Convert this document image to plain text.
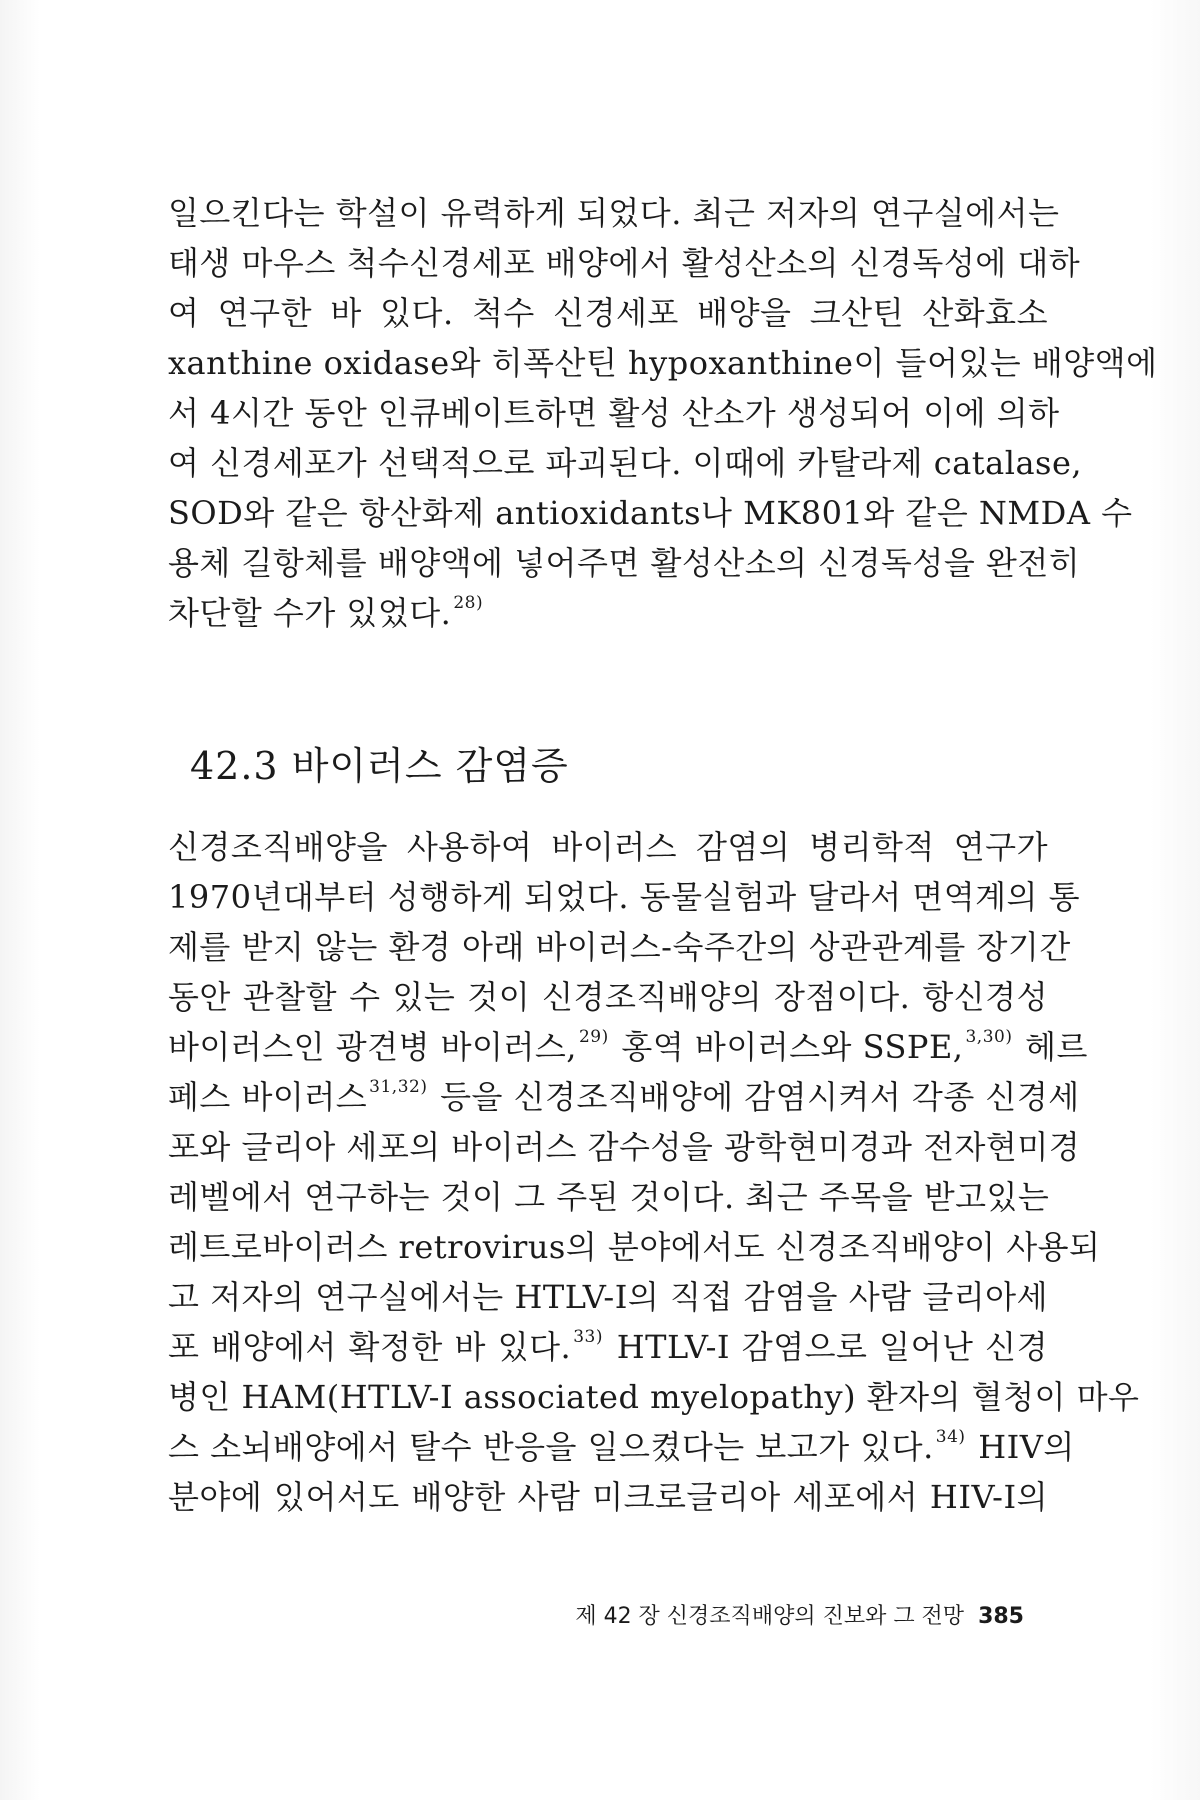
일으킨다는 학설이 유력하게 되었다. 최근 저자의 연구실에서는
태생 마우스 척수신경세포 배양에서 활성산소의 신경독성에 대하
여 연구한 바 있다. 척수 신경세포 배양을 크산틴 산화효소
xanthine oxidase와 히폭산틴 hypoxanthine이 들어있는 배양액에
서 4시간 동안 인큐베이트하면 활성 산소가 생성되어 이에 의하
여 신경세포가 선택적으로 파괴된다. 이때에 카탈라제 catalase,
SOD와 같은 항산화제 antioxidants나 MK801와 같은 NMDA 수
용체 길항체를 배양액에 넣어주면 활성산소의 신경독성을 완전히
차단할 수가 있었다. $^{28)}$
42.3 바이러스 감염증
신경조직배양을 사용하여 바이러스 감염의 병리학적 연구가
1970년대부터 성행하게 되었다. 동물실험과 달라서 면역계의 통
제를 받지 않는 환경 아래 바이러스-숙주간의 상관관계를 장기간
동안 관찰할 수 있는 것이 신경조직배양의 장점이다. 항신경성
바이러스인 광견병 바이러스, $^{29)}$ 홍역 바이러스와 SSPE, $^{3,30)}$ 헤르
페스 바이러스 $^{31,32)}$ 등을 신경조직배양에 감염시켜서 각종 신경세
포와 글리아 세포의 바이러스 감수성을 광학현미경과 전자현미경
레벨에서 연구하는 것이 그 주된 것이다. 최근 주목을 받고있는
레트로바이러스 retrovirus의 분야에서도 신경조직배양이 사용되
고 저자의 연구실에서는 HTLV-I의 직접 감염을 사람 글리아세
포 배양에서 확정한 바 있다. $^{33)}$ HTLV-I 감염으로 일어난 신경
병인 HAM(HTLV-I associated myelopathy) 환자의 혈청이 마우
스 소뇌배양에서 탈수 반응을 일으켰다는 보고가 있다. $^{34)}$ HIV의
분야에 있어서도 배양한 사람 미크로글리아 세포에서 HIV-I의
제 42 장 신경조직배양의 진보와 그 전망 385
